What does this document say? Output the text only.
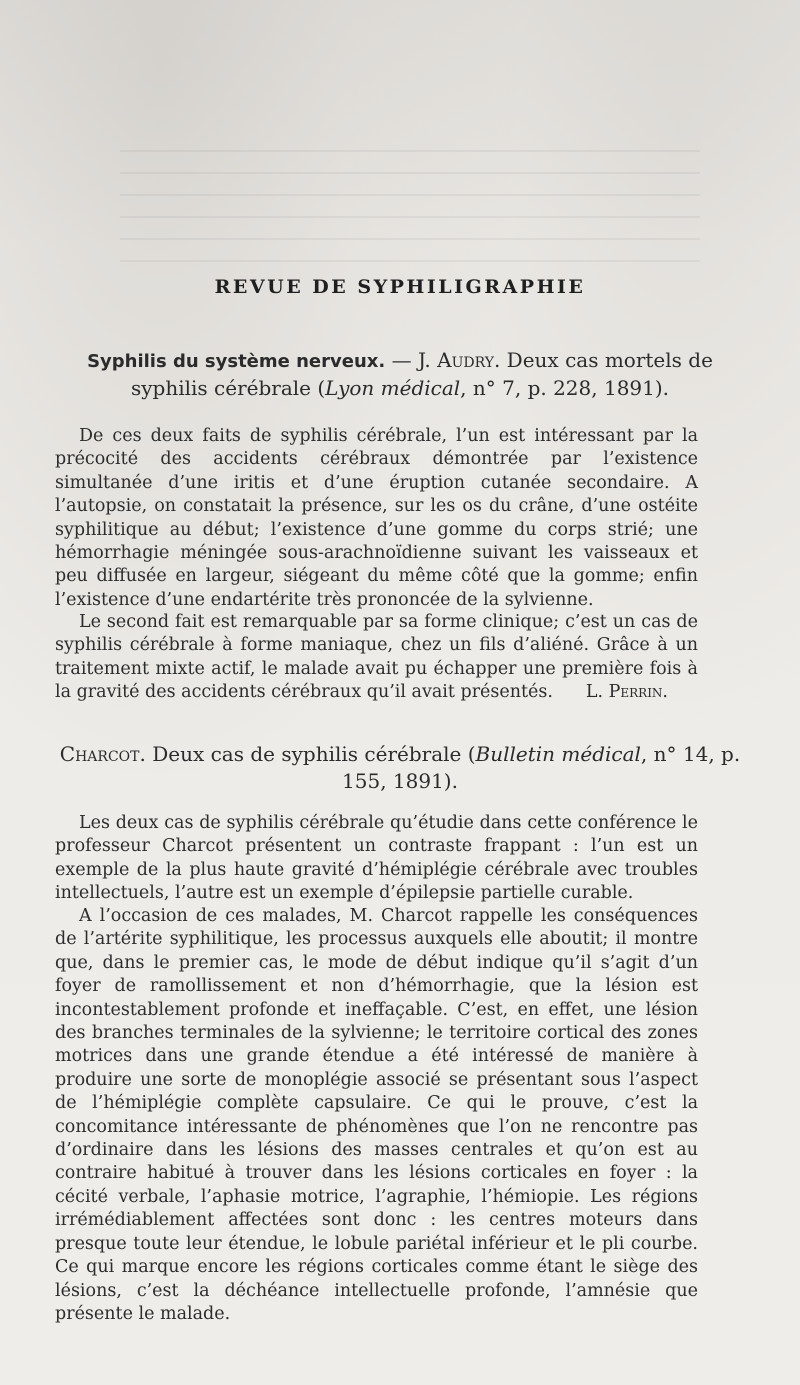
REVUE DE SYPHILIGRAPHIE
Syphilis du système nerveux. — J. Audry. Deux cas mortels de syphilis cérébrale (Lyon médical, n° 7, p. 228, 1891).

De ces deux faits de syphilis cérébrale, l’un est intéressant par la précocité des accidents cérébraux démontrée par l’existence simultanée d’une iritis et d’une éruption cutanée secondaire. A l’autopsie, on constatait la présence, sur les os du crâne, d’une ostéite syphilitique au début; l’existence d’une gomme du corps strié; une hémorrhagie méningée sous-arachnoïdienne suivant les vaisseaux et peu diffusée en largeur, siégeant du même côté que la gomme; enfin l’existence d’une endartérite très prononcée de la sylvienne.

Le second fait est remarquable par sa forme clinique; c’est un cas de syphilis cérébrale à forme maniaque, chez un fils d’aliéné. Grâce à un traitement mixte actif, le malade avait pu échapper une première fois à la gravité des accidents cérébraux qu’il avait présentés. L. Perrin.

Charcot. Deux cas de syphilis cérébrale (Bulletin médical, n° 14, p. 155, 1891).

Les deux cas de syphilis cérébrale qu’étudie dans cette conférence le professeur Charcot présentent un contraste frappant : l’un est un exemple de la plus haute gravité d’hémiplégie cérébrale avec troubles intellectuels, l’autre est un exemple d’épilepsie partielle curable.

A l’occasion de ces malades, M. Charcot rappelle les conséquences de l’artérite syphilitique, les processus auxquels elle aboutit; il montre que, dans le premier cas, le mode de début indique qu’il s’agit d’un foyer de ramollissement et non d’hémorrhagie, que la lésion est incontestablement profonde et ineffaçable. C’est, en effet, une lésion des branches terminales de la sylvienne; le territoire cortical des zones motrices dans une grande étendue a été intéressé de manière à produire une sorte de monoplégie associé se présentant sous l’aspect de l’hémiplégie complète capsulaire. Ce qui le prouve, c’est la concomitance intéressante de phénomènes que l’on ne rencontre pas d’ordinaire dans les lésions des masses centrales et qu’on est au contraire habitué à trouver dans les lésions corticales en foyer : la cécité verbale, l’aphasie motrice, l’agraphie, l’hémiopie. Les régions irrémédiablement affectées sont donc : les centres moteurs dans presque toute leur étendue, le lobule pariétal inférieur et le pli courbe. Ce qui marque encore les régions corticales comme étant le siège des lésions, c’est la déchéance intellectuelle profonde, l’amnésie que présente le malade.
